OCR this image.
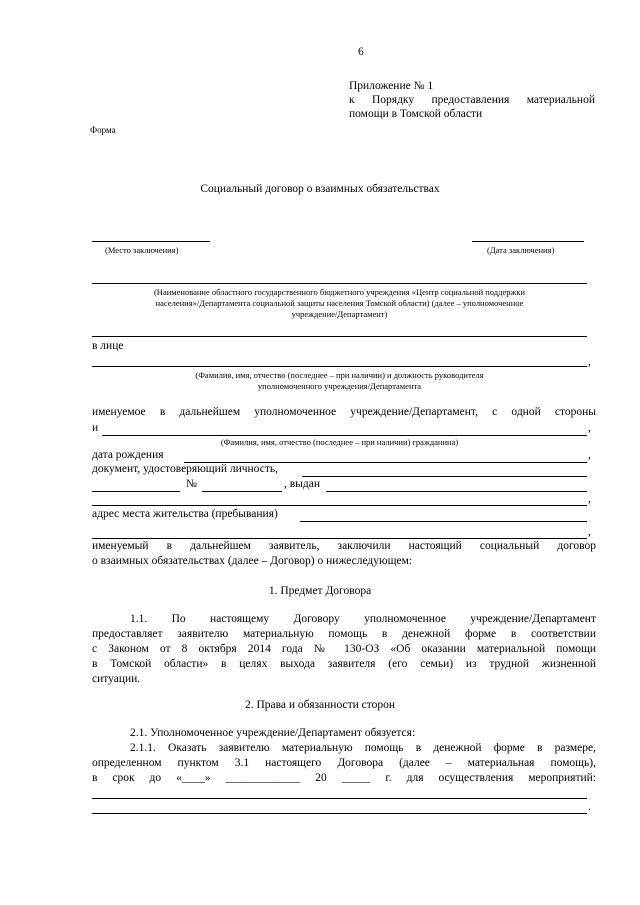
6
Приложение № 1
к Порядку предоставления материальной
помощи в Томской области
Форма
Социальный договор о взаимных обязательствах
(Место заключения)	(Дата заключения)
(Наименование областного государственного бюджетного учреждения «Центр социальной поддержки
населения»/Департамента социальной защиты населения Томской области) (далее – уполномоченное
учреждение/Департамент)
в лице
,
(Фамилия, имя, отчество (последнее – при наличии) и должность руководителя
уполномоченного учреждения/Департамента
именуемое в дальнейшем уполномоченное учреждение/Департамент, с одной стороны
и	,
(Фамилия, имя, отчество (последнее – при наличии) гражданина)
дата рождения	,
документ, удостоверяющий личность,
№	, выдан
,
адрес места жительства (пребывания)
,
именуемый в дальнейшем заявитель, заключили настоящий социальный договор
о взаимных обязательствах (далее – Договор) о нижеследующем:
1. Предмет Договора
1.1. По настоящему Договору уполномоченное учреждение/Департамент
предоставляет заявителю материальную помощь в денежной форме в соответствии
с Законом от 8 октября 2014 года № 130-ОЗ «Об оказании материальной помощи
в Томской области» в целях выхода заявителя (его семьи) из трудной жизненной
ситуации.
2. Права и обязанности сторон
2.1. Уполномоченное учреждение/Департамент обязуется:
2.1.1. Оказать заявителю материальную помощь в денежной форме в размере,
определенном пунктом 3.1 настоящего Договора (далее – материальная помощь),
в срок до «____» _____________ 20 _____ г. для осуществления мероприятий:
.
